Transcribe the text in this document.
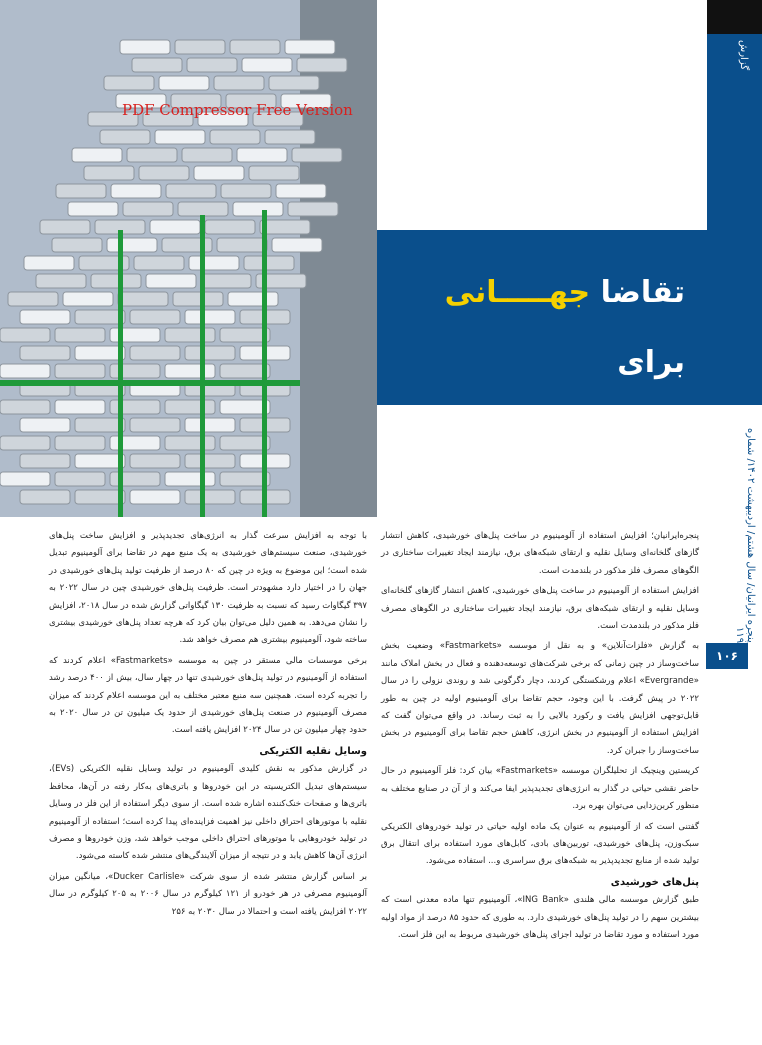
PDF Compressor Free Version
گزارش
تقاضا جهـــــانی برای
آلومینیوم افزایش یافت
پنجره ایرانیان/ سال هشتم/ اردیبهشت ۱۴۰۲/ شماره ۱۱۹
۱۰۶

پنجره‌ایرانیان؛ افزایش استفاده از آلومینیوم در ساخت پنل‌های خورشیدی، کاهش انتشار گازهای گلخانه‌ای وسایل نقلیه و ارتقای شبکه‌های برق، نیازمند ایجاد تغییرات ساختاری در الگوهای مصرف فلز مذکور در بلندمدت است.

افزایش استفاده از آلومینیوم در ساخت پنل‌های خورشیدی، کاهش انتشار گازهای گلخانه‌ای وسایل نقلیه و ارتقای شبکه‌های برق، نیازمند ایجاد تغییرات ساختاری در الگوهای مصرف فلز مذکور در بلندمدت است.

به گزارش «فلزات‌آنلاین» و به نقل از موسسه «Fastmarkets» وضعیت بخش ساخت‌وساز در چین زمانی که برخی شرکت‌های توسعه‌دهنده و فعال در بخش املاک مانند «Evergrande» اعلام ورشکستگی کردند، دچار دگرگونی شد و روندی نزولی را در سال ۲۰۲۲ در پیش گرفت. با این وجود، حجم تقاضا برای آلومینیوم اولیه در چین به طور قابل‌توجهی افزایش یافت و رکورد بالایی را به ثبت رساند. در واقع می‌توان گفت که افزایش استفاده از آلومینیوم در بخش انرژی، کاهش حجم تقاضا برای آلومینیوم در بخش ساخت‌وساز را جبران کرد.

کریستین وینچیک از تحلیلگران موسسه «Fastmarkets» بیان کرد: فلز آلومینیوم در حال حاضر نقشی حیاتی در گذار به انرژی‌های تجدیدپذیر ایفا می‌کند و از آن در صنایع مختلف به منظور کربن‌زدایی می‌توان بهره برد.

گفتنی است که از آلومینیوم به عنوان یک ماده اولیه حیاتی در تولید خودروهای الکتریکی سبک‌وزن، پنل‌های خورشیدی، توربین‌های بادی، کابل‌های مورد استفاده برای انتقال برق تولید شده از منابع تجدیدپذیر به شبکه‌های برق سراسری و... استفاده می‌شود.

پنل‌های خورشیدی

طبق گزارش موسسه مالی هلندی «ING Bank»، آلومینیوم تنها ماده معدنی است که بیشترین سهم را در تولید پنل‌های خورشیدی دارد. به طوری که حدود ۸۵ درصد از مواد اولیه مورد استفاده و مورد تقاضا در تولید اجزای پنل‌های خورشیدی مربوط به این فلز است.

با توجه به افزایش سرعت گذار به انرژی‌های تجدیدپذیر و افزایش ساخت پنل‌های خورشیدی، صنعت سیستم‌های خورشیدی به یک منبع مهم در تقاضا برای آلومینیوم تبدیل شده است؛ این موضوع به ویژه در چین که ۸۰ درصد از ظرفیت تولید پنل‌های خورشیدی در جهان را در اختیار دارد مشهودتر است. ظرفیت پنل‌های خورشیدی چین در سال ۲۰۲۲ به ۳۹۷ گیگاوات رسید که نسبت به ظرفیت ۱۳۰ گیگاواتی گزارش شده در سال ۲۰۱۸، افزایش را نشان می‌دهد. به همین دلیل می‌توان بیان کرد که هرچه تعداد پنل‌های خورشیدی بیشتری ساخته شود، آلومینیوم بیشتری هم مصرف خواهد شد.

برخی موسسات مالی مستقر در چین به موسسه «Fastmarkets» اعلام کردند که استفاده از آلومینیوم در تولید پنل‌های خورشیدی تنها در چهار سال، بیش از ۴۰۰ درصد رشد را تجربه کرده است. همچنین سه منبع معتبر مختلف به این موسسه اعلام کردند که میزان مصرف آلومینیوم در صنعت پنل‌های خورشیدی از حدود یک میلیون تن در سال ۲۰۲۰ به حدود چهار میلیون تن در سال ۲۰۲۴ افزایش یافته است.

وسایل نقلیه الکتریکی

در گزارش مذکور به نقش کلیدی آلومینیوم در تولید وسایل نقلیه الکتریکی (EVs)، سیستم‌های تبدیل الکتریسیته در این خودروها و باتری‌های به‌کار رفته در آن‌ها، محافظ باتری‌ها و صفحات خنک‌کننده اشاره شده است. از سوی دیگر استفاده از این فلز در وسایل نقلیه با موتورهای احتراق داخلی نیز اهمیت فزاینده‌ای پیدا کرده است؛ استفاده از آلومینیوم در تولید خودروهایی با موتورهای احتراق داخلی موجب خواهد شد، وزن خودروها و مصرف انرژی آن‌ها کاهش یابد و در نتیجه از میزان آلایندگی‌های منتشر شده کاسته می‌شود.

بر اساس گزارش منتشر شده از سوی شرکت «Ducker Carlisle»، میانگین میزان آلومینیوم مصرفی در هر خودرو از ۱۲۱ کیلوگرم در سال ۲۰۰۶ به ۲۰۵ کیلوگرم در سال ۲۰۲۲ افزایش یافته است و احتمالا در سال ۲۰۳۰ به ۲۵۶
